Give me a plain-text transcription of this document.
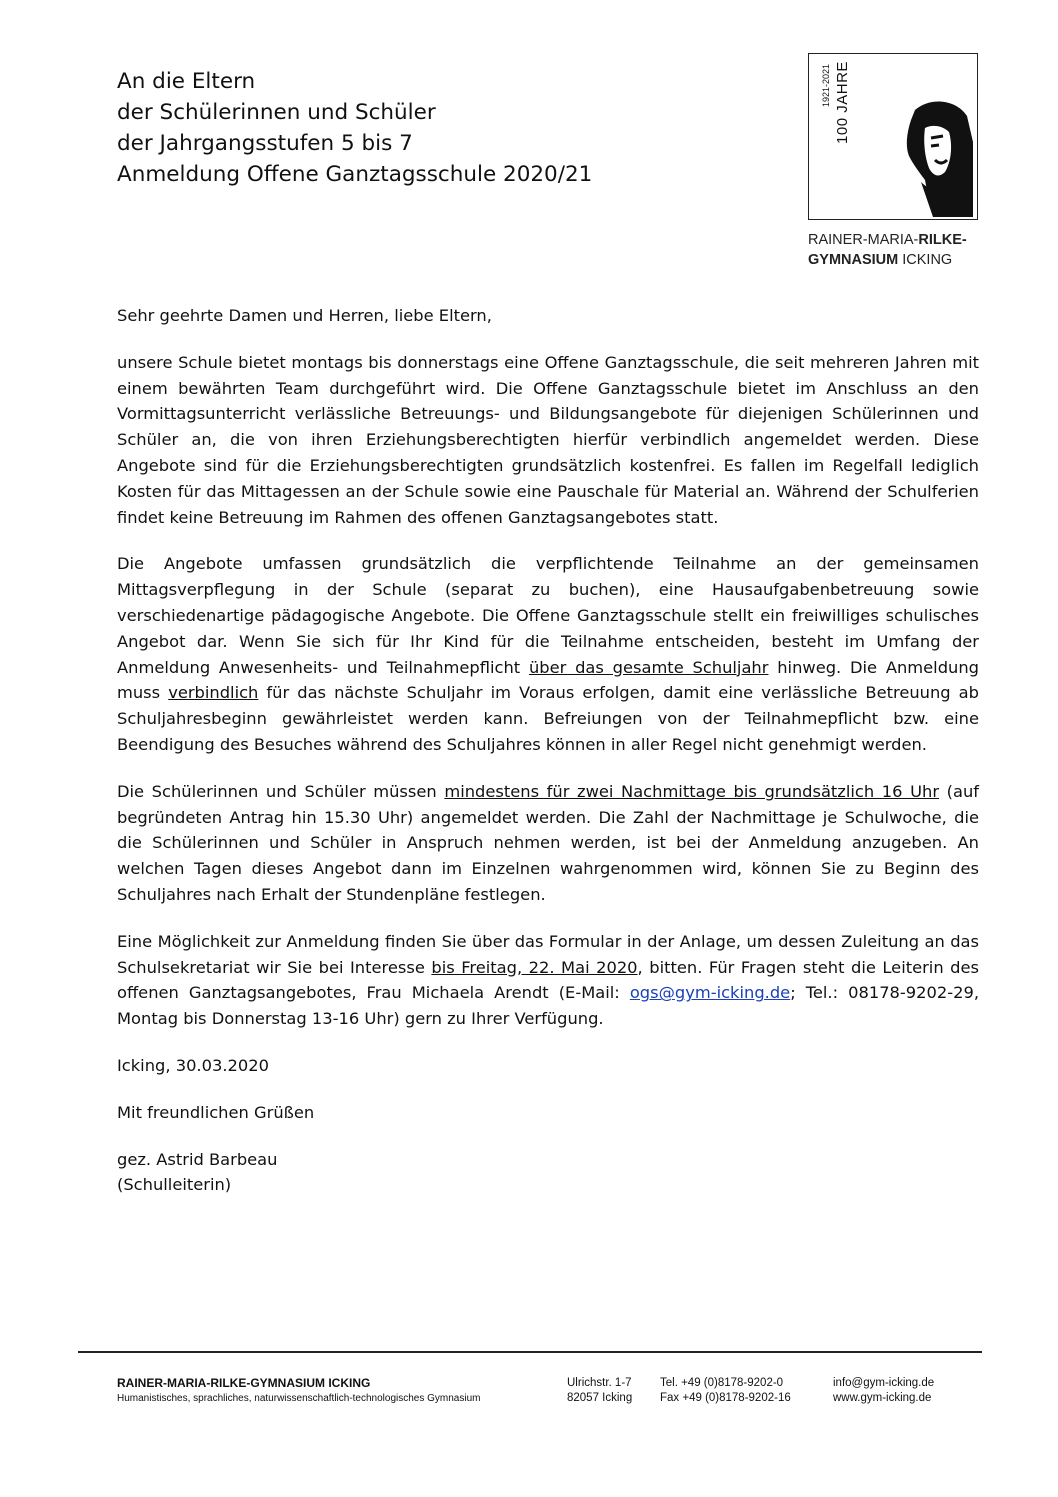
An die Eltern
der Schülerinnen und Schüler
der Jahrgangsstufen 5 bis 7
Anmeldung Offene Ganztagsschule 2020/21
1921-2021 100 JAHRE
RAINER-MARIA-RILKE-
GYMNASIUM ICKING

Sehr geehrte Damen und Herren, liebe Eltern,

unsere Schule bietet montags bis donnerstags eine Offene Ganztagsschule, die seit mehreren Jahren mit einem bewährten Team durchgeführt wird. Die Offene Ganztagsschule bietet im Anschluss an den Vormittagsunterricht verlässliche Betreuungs- und Bildungsangebote für diejenigen Schülerinnen und Schüler an, die von ihren Erziehungsberechtigten hierfür verbindlich angemeldet werden. Diese Angebote sind für die Erziehungsberechtigten grundsätzlich kostenfrei. Es fallen im Regelfall lediglich Kosten für das Mittagessen an der Schule sowie eine Pauschale für Material an. Während der Schulferien findet keine Betreuung im Rahmen des offenen Ganztagsangebotes statt.

Die Angebote umfassen grundsätzlich die verpflichtende Teilnahme an der gemeinsamen Mittagsverpflegung in der Schule (separat zu buchen), eine Hausaufgabenbetreuung sowie verschiedenartige pädagogische Angebote. Die Offene Ganztagsschule stellt ein freiwilliges schulisches Angebot dar. Wenn Sie sich für Ihr Kind für die Teilnahme entscheiden, besteht im Umfang der Anmeldung Anwesenheits- und Teilnahmepflicht über das gesamte Schuljahr hinweg. Die Anmeldung muss verbindlich für das nächste Schuljahr im Voraus erfolgen, damit eine verlässliche Betreuung ab Schuljahresbeginn gewährleistet werden kann. Befreiungen von der Teilnahmepflicht bzw. eine Beendigung des Besuches während des Schuljahres können in aller Regel nicht genehmigt werden.

Die Schülerinnen und Schüler müssen mindestens für zwei Nachmittage bis grundsätzlich 16 Uhr (auf begründeten Antrag hin 15.30 Uhr) angemeldet werden. Die Zahl der Nachmittage je Schulwoche, die die Schülerinnen und Schüler in Anspruch nehmen werden, ist bei der Anmeldung anzugeben. An welchen Tagen dieses Angebot dann im Einzelnen wahrgenommen wird, können Sie zu Beginn des Schuljahres nach Erhalt der Stundenpläne festlegen.

Eine Möglichkeit zur Anmeldung finden Sie über das Formular in der Anlage, um dessen Zuleitung an das Schulsekretariat wir Sie bei Interesse bis Freitag, 22. Mai 2020, bitten. Für Fragen steht die Leiterin des offenen Ganztagsangebotes, Frau Michaela Arendt (E-Mail: ogs@gym-icking.de; Tel.: 08178-9202-29, Montag bis Donnerstag 13-16 Uhr) gern zu Ihrer Verfügung.

Icking, 30.03.2020

Mit freundlichen Grüßen

gez. Astrid Barbeau

(Schulleiterin)

RAINER-MARIA-RILKE-GYMNASIUM ICKING
Humanistisches, sprachliches, naturwissenschaftlich-technologisches Gymnasium
Ulrichstr. 1-7
82057 Icking
Tel. +49 (0)8178-9202-0
Fax +49 (0)8178-9202-16
info@gym-icking.de
www.gym-icking.de
